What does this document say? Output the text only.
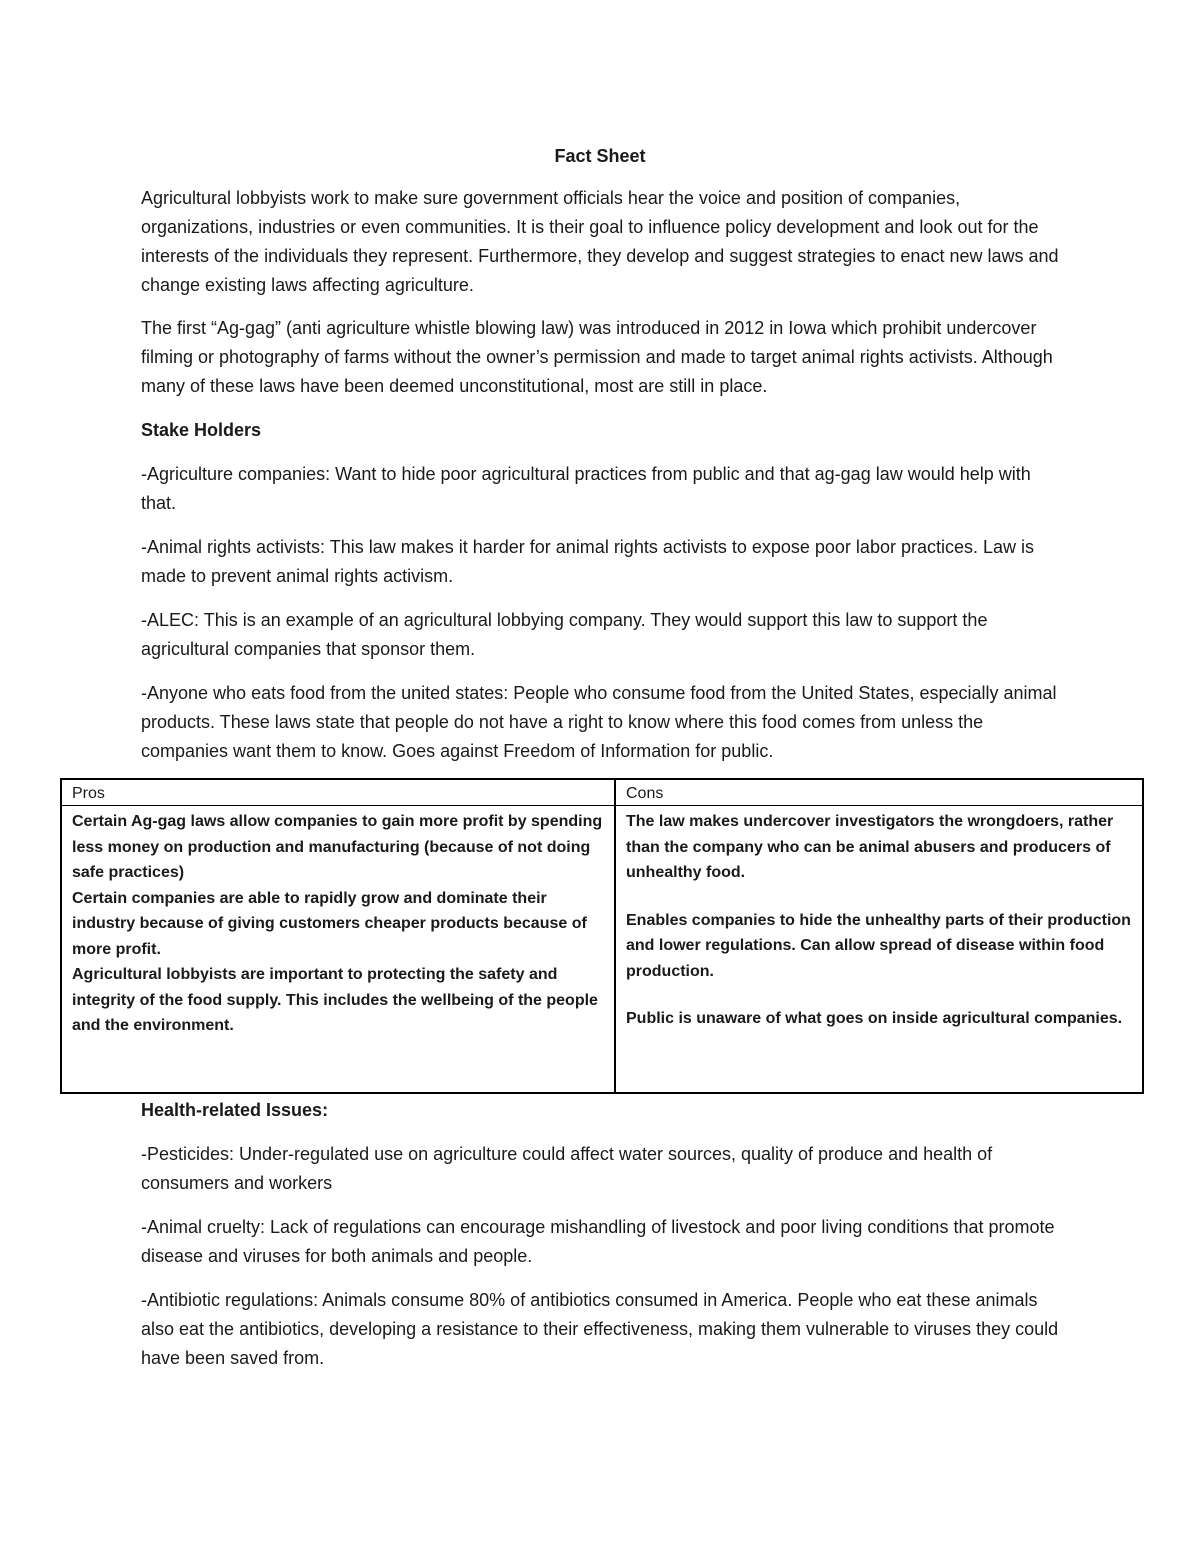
Fact Sheet

Agricultural lobbyists work to make sure government officials hear the voice and position of companies, organizations, industries or even communities. It is their goal to influence policy development and look out for the interests of the individuals they represent. Furthermore, they develop and suggest strategies to enact new laws and change existing laws affecting agriculture.

The first “Ag-gag” (anti agriculture whistle blowing law) was introduced in 2012 in Iowa which prohibit undercover filming or photography of farms without the owner’s permission and made to target animal rights activists. Although many of these laws have been deemed unconstitutional, most are still in place.

Stake Holders

-Agriculture companies: Want to hide poor agricultural practices from public and that ag-gag law would help with that.

-Animal rights activists: This law makes it harder for animal rights activists to expose poor labor practices. Law is made to prevent animal rights activism.

-ALEC: This is an example of an agricultural lobbying company. They would support this law to support the agricultural companies that sponsor them.

-Anyone who eats food from the united states: People who consume food from the United States, especially animal products. These laws state that people do not have a right to know where this food comes from unless the companies want them to know. Goes against Freedom of Information for public.

Pros

Certain Ag-gag laws allow companies to gain more profit by spending less money on production and manufacturing (because of not doing safe practices)

Certain companies are able to rapidly grow and dominate their industry because of giving customers cheaper products because of more profit.

Agricultural lobbyists are important to protecting the safety and integrity of the food supply. This includes the wellbeing of the people and the environment.

Cons

The law makes undercover investigators the wrongdoers, rather than the company who can be animal abusers and producers of unhealthy food.

Enables companies to hide the unhealthy parts of their production and lower regulations. Can allow spread of disease within food production.

Public is unaware of what goes on inside agricultural companies.

Health-related Issues:

-Pesticides: Under-regulated use on agriculture could affect water sources, quality of produce and health of consumers and workers

-Animal cruelty: Lack of regulations can encourage mishandling of livestock and poor living conditions that promote disease and viruses for both animals and people.

-Antibiotic regulations: Animals consume 80% of antibiotics consumed in America. People who eat these animals also eat the antibiotics, developing a resistance to their effectiveness, making them vulnerable to viruses they could have been saved from.
